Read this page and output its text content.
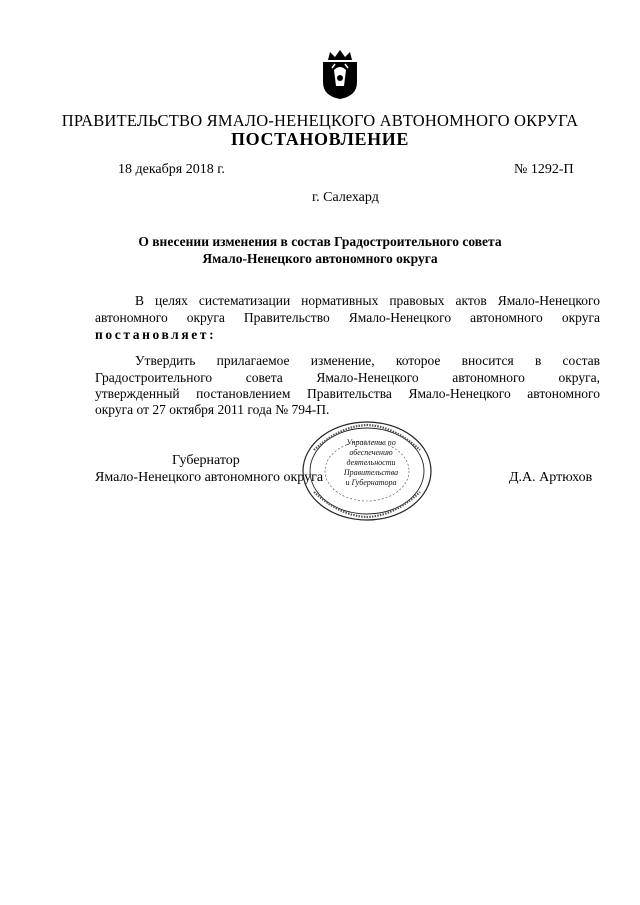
ПРАВИТЕЛЬСТВО ЯМАЛО-НЕНЕЦКОГО АВТОНОМНОГО ОКРУГА
ПОСТАНОВЛЕНИЕ
18 декабря 2018 г.	№ 1292-П
г. Салехард
О внесении изменения в состав Градостроительного совета
Ямало-Ненецкого автономного округа
В целях систематизации нормативных правовых актов Ямало-Ненецкого
автономного округа Правительство Ямало-Ненецкого автономного округа
постановляет:
Утвердить прилагаемое изменение, которое вносится в состав
Градостроительного совета Ямало-Ненецкого автономного округа,
утвержденный постановлением Правительства Ямало-Ненецкого автономного
округа от 27 октября 2011 года № 794-П.
Губернатор
Ямало-Ненецкого автономного округа	Д.А. Артюхов
Управление по
обеспечению
деятельности
Правительства
и Губернатора
